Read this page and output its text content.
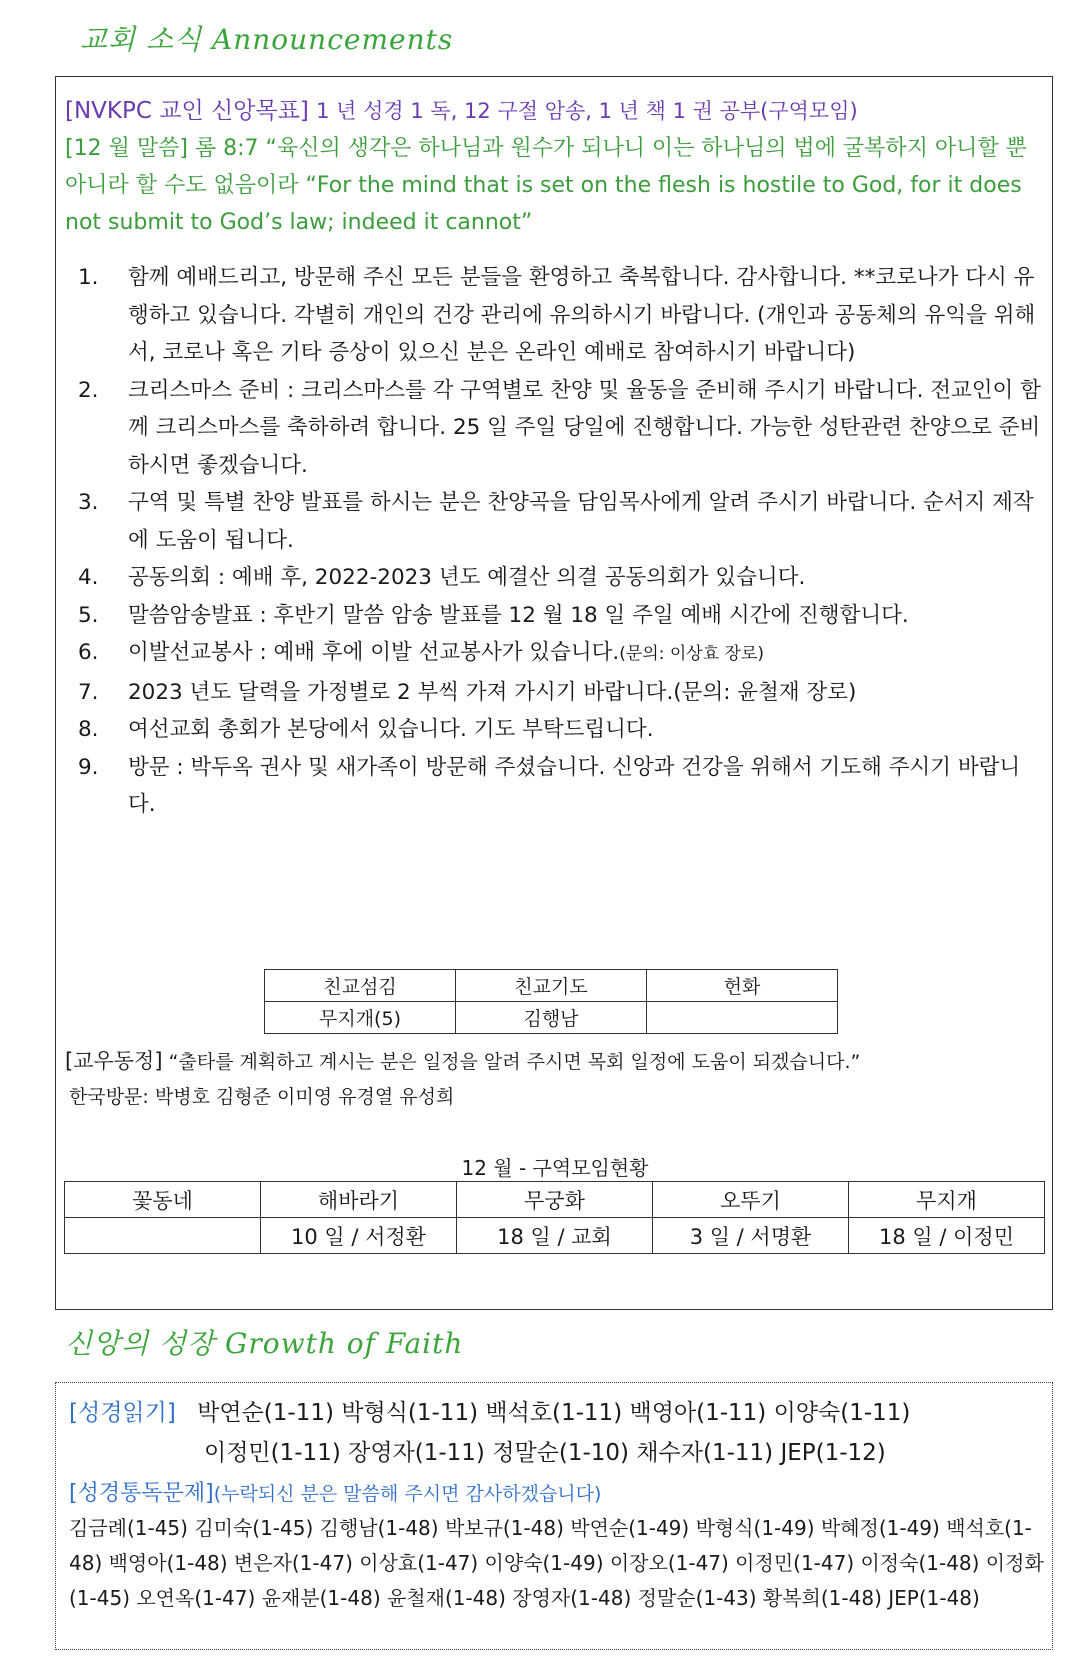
교회 소식 Announcements
[NVKPC 교인 신앙목표] 1 년 성경 1 독, 12 구절 암송, 1 년 책 1 권 공부(구역모임)
[12 월 말씀] 롬 8:7 “육신의 생각은 하나님과 원수가 되나니 이는 하나님의 법에 굴복하지 아니할 뿐 아니라 할 수도 없음이라 “For the mind that is set on the flesh is hostile to God, for it does not submit to God’s law; indeed it cannot”
1. 함께 예배드리고, 방문해 주신 모든 분들을 환영하고 축복합니다. 감사합니다. **코로나가 다시 유행하고 있습니다. 각별히 개인의 건강 관리에 유의하시기 바랍니다. (개인과 공동체의 유익을 위해서, 코로나 혹은 기타 증상이 있으신 분은 온라인 예배로 참여하시기 바랍니다)
2. 크리스마스 준비 : 크리스마스를 각 구역별로 찬양 및 율동을 준비해 주시기 바랍니다. 전교인이 함께 크리스마스를 축하하려 합니다. 25 일 주일 당일에 진행합니다. 가능한 성탄관련 찬양으로 준비하시면 좋겠습니다.
3. 구역 및 특별 찬양 발표를 하시는 분은 찬양곡을 담임목사에게 알려 주시기 바랍니다. 순서지 제작에 도움이 됩니다.
4. 공동의회 : 예배 후, 2022-2023 년도 예결산 의결 공동의회가 있습니다.
5. 말씀암송발표 : 후반기 말씀 암송 발표를 12 월 18 일 주일 예배 시간에 진행합니다.
6. 이발선교봉사 : 예배 후에 이발 선교봉사가 있습니다.(문의: 이상효 장로)
7. 2023 년도 달력을 가정별로 2 부씩 가져 가시기 바랍니다.(문의: 윤철재 장로)
8. 여선교회 총회가 본당에서 있습니다. 기도 부탁드립니다.
9. 방문 : 박두옥 권사 및 새가족이 방문해 주셨습니다. 신앙과 건강을 위해서 기도해 주시기 바랍니다.
친교섬김	친교기도	헌화
무지개(5)	김행남	
[교우동정] “출타를 계획하고 계시는 분은 일정을 알려 주시면 목회 일정에 도움이 되겠습니다.”
한국방문: 박병호 김형준 이미영 유경열 유성희
12 월 - 구역모임현황
꽃동네	해바라기	무궁화	오뚜기	무지개
	10 일 / 서정환	18 일 / 교회	3 일 / 서명환	18 일 / 이정민
신앙의 성장 Growth of Faith
[성경읽기] 박연순(1-11) 박형식(1-11) 백석호(1-11) 백영아(1-11) 이양숙(1-11)
이정민(1-11) 장영자(1-11) 정말순(1-10) 채수자(1-11) JEP(1-12)
[성경통독문제](누락되신 분은 말씀해 주시면 감사하겠습니다)
김금례(1-45) 김미숙(1-45) 김행남(1-48) 박보규(1-48) 박연순(1-49) 박형식(1-49) 박혜정(1-49) 백석호(1-48) 백영아(1-48) 변은자(1-47) 이상효(1-47) 이양숙(1-49) 이장오(1-47) 이정민(1-47) 이정숙(1-48) 이정화 (1-45) 오연옥(1-47) 윤재분(1-48) 윤철재(1-48) 장영자(1-48) 정말순(1-43) 황복희(1-48) JEP(1-48)
